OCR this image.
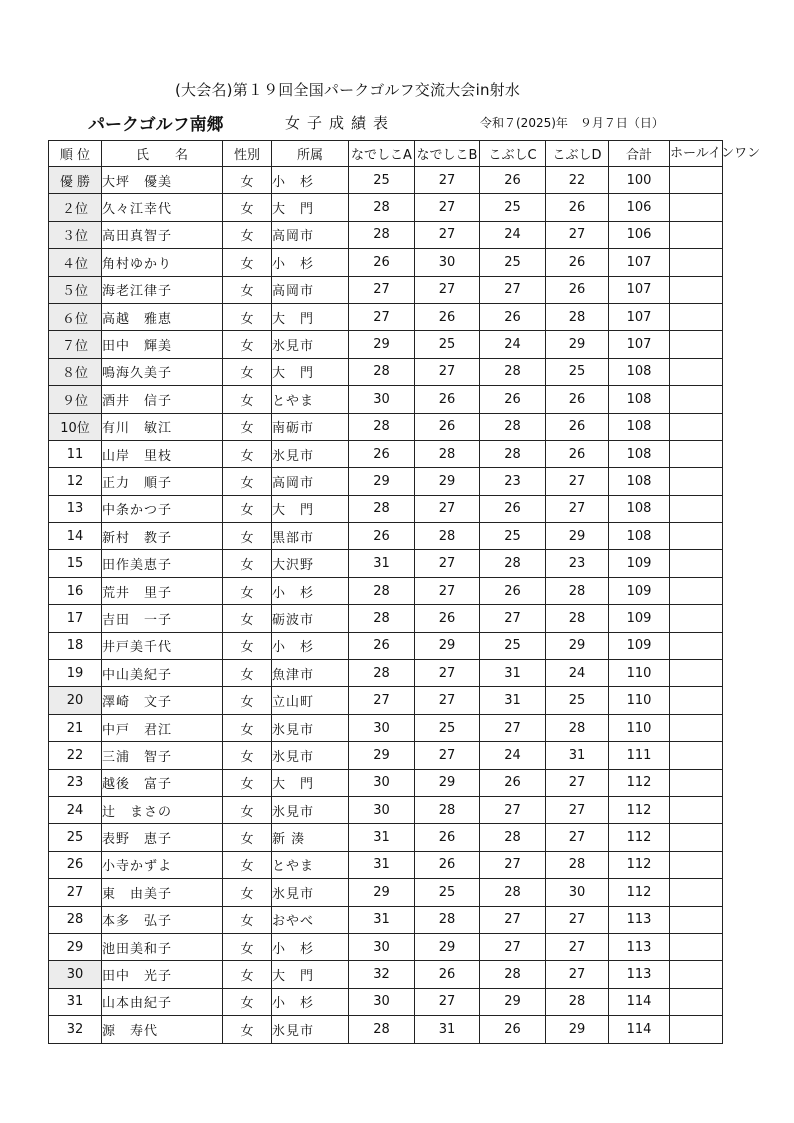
(大会名)第１９回全国パークゴルフ交流大会in射水
パークゴルフ南郷	女子成績表	令和７(2025)年　９月７日（日）
順 位	氏　　名	性別	所属	なでしこA	なでしこB	こぶしC	こぶしD	合計	ホールインワン
優 勝	大坪　優美	女	小　杉	25	27	26	22	100	
２位	久々江幸代	女	大　門	28	27	25	26	106	
３位	高田真智子	女	高岡市	28	27	24	27	106	
４位	角村ゆかり	女	小　杉	26	30	25	26	107	
５位	海老江律子	女	高岡市	27	27	27	26	107	
６位	高越　雅恵	女	大　門	27	26	26	28	107	
７位	田中　輝美	女	氷見市	29	25	24	29	107	
８位	鳴海久美子	女	大　門	28	27	28	25	108	
９位	酒井　信子	女	とやま	30	26	26	26	108	
10位	有川　敏江	女	南砺市	28	26	28	26	108	
11	山岸　里枝	女	氷見市	26	28	28	26	108	
12	正力　順子	女	高岡市	29	29	23	27	108	
13	中条かつ子	女	大　門	28	27	26	27	108	
14	新村　教子	女	黒部市	26	28	25	29	108	
15	田作美恵子	女	大沢野	31	27	28	23	109	
16	荒井　里子	女	小　杉	28	27	26	28	109	
17	吉田　一子	女	砺波市	28	26	27	28	109	
18	井戸美千代	女	小　杉	26	29	25	29	109	
19	中山美紀子	女	魚津市	28	27	31	24	110	
20	澤崎　文子	女	立山町	27	27	31	25	110	
21	中戸　君江	女	氷見市	30	25	27	28	110	
22	三浦　智子	女	氷見市	29	27	24	31	111	
23	越後　富子	女	大　門	30	29	26	27	112	
24	辻　まさの	女	氷見市	30	28	27	27	112	
25	表野　恵子	女	新 湊	31	26	28	27	112	
26	小寺かずよ	女	とやま	31	26	27	28	112	
27	東　由美子	女	氷見市	29	25	28	30	112	
28	本多　弘子	女	おやべ	31	28	27	27	113	
29	池田美和子	女	小　杉	30	29	27	27	113	
30	田中　光子	女	大　門	32	26	28	27	113	
31	山本由紀子	女	小　杉	30	27	29	28	114	
32	源　寿代	女	氷見市	28	31	26	29	114	
